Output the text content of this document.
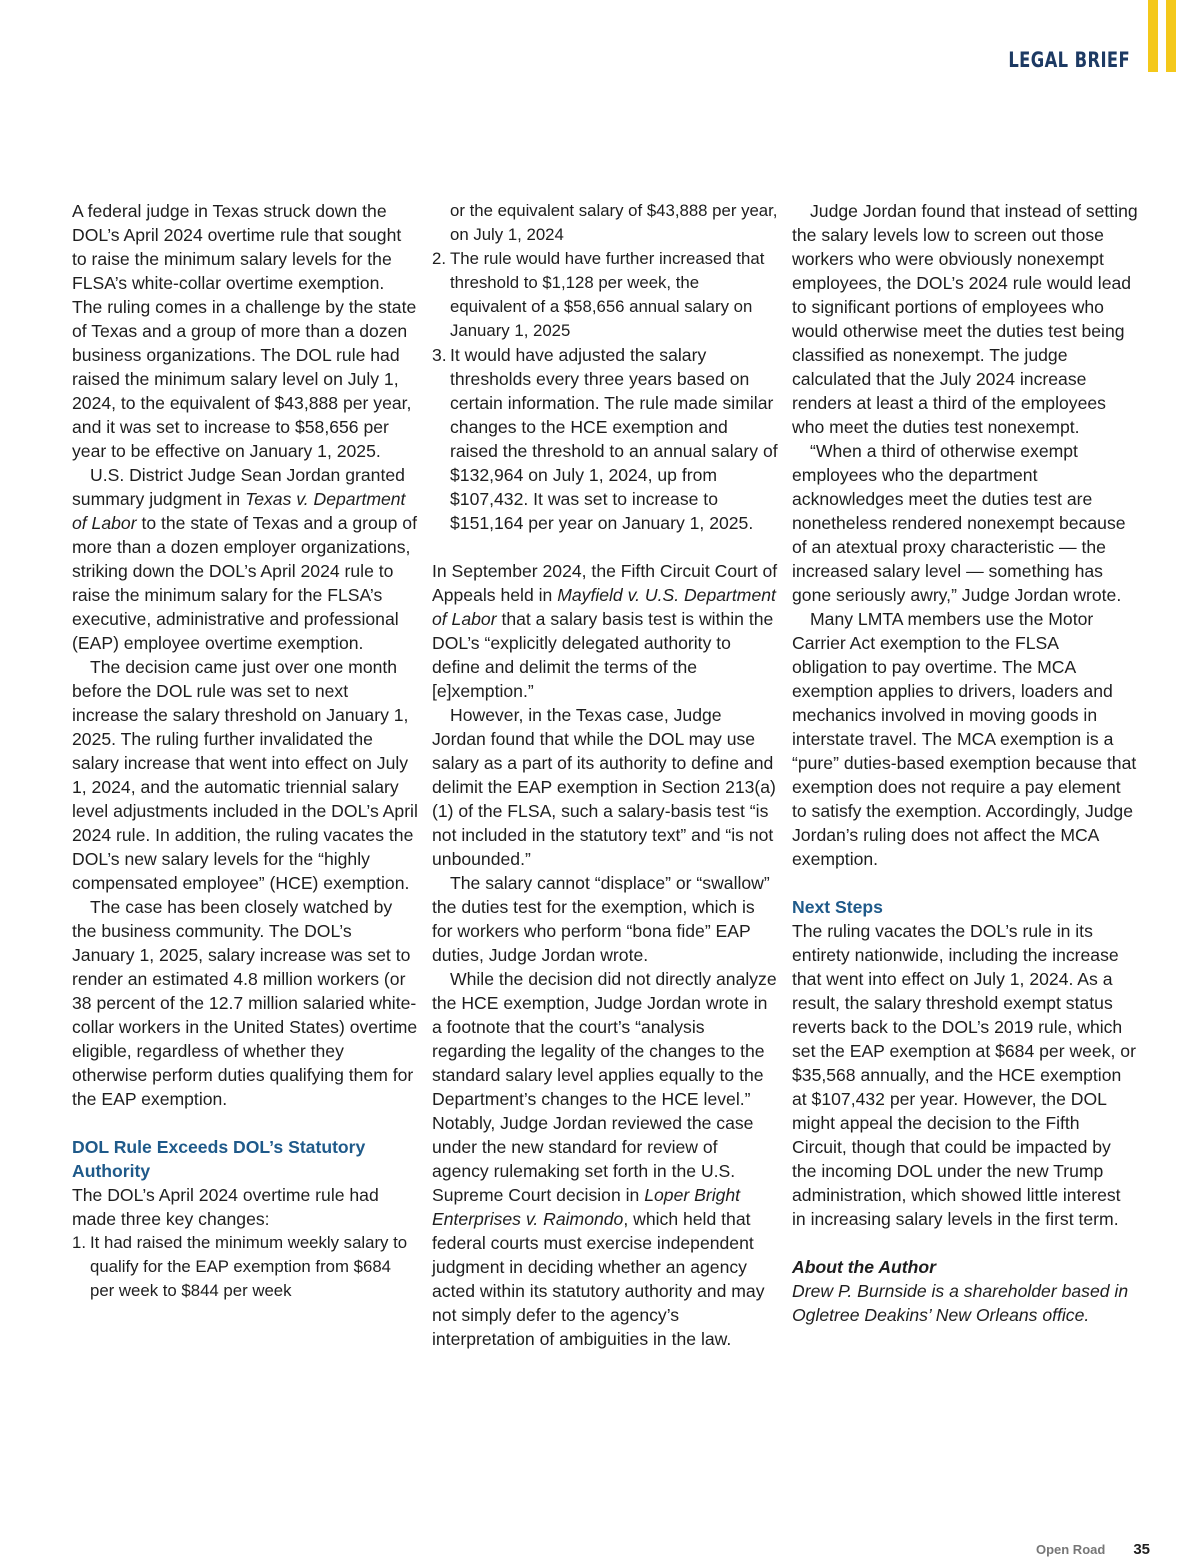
LEGAL BRIEF

A federal judge in Texas struck down the DOL’s April 2024 overtime rule that sought to raise the minimum salary levels for the FLSA’s white-collar overtime exemption. The ruling comes in a challenge by the state of Texas and a group of more than a dozen business organizations. The DOL rule had raised the minimum salary level on July 1, 2024, to the equivalent of $43,888 per year, and it was set to increase to $58,656 per year to be effective on January 1, 2025.

U.S. District Judge Sean Jordan granted summary judgment in Texas v. Department of Labor to the state of Texas and a group of more than a dozen employer organizations, striking down the DOL’s April 2024 rule to raise the minimum salary for the FLSA’s executive, administrative and professional (EAP) employee overtime exemption.

The decision came just over one month before the DOL rule was set to next increase the salary threshold on January 1, 2025. The ruling further invalidated the salary increase that went into effect on July 1, 2024, and the automatic triennial salary level adjustments included in the DOL’s April 2024 rule. In addition, the ruling vacates the DOL’s new salary levels for the “highly compensated employee” (HCE) exemption.

The case has been closely watched by the business community. The DOL’s January 1, 2025, salary increase was set to render an estimated 4.8 million workers (or 38 percent of the 12.7 million salaried white-collar workers in the United States) overtime eligible, regardless of whether they otherwise perform duties qualifying them for the EAP exemption.

DOL Rule Exceeds DOL’s Statutory Authority

The DOL’s April 2024 overtime rule had made three key changes:

1. It had raised the minimum weekly salary to qualify for the EAP exemption from $684 per week to $844 per week
or the equivalent salary of $43,888 per year, on July 1, 2024
2. The rule would have further increased that threshold to $1,128 per week, the equivalent of a $58,656 annual salary on January 1, 2025
3. It would have adjusted the salary thresholds every three years based on certain information. The rule made similar changes to the HCE exemption and raised the threshold to an annual salary of $132,964 on July 1, 2024, up from $107,432. It was set to increase to $151,164 per year on January 1, 2025.

In September 2024, the Fifth Circuit Court of Appeals held in Mayfield v. U.S. Department of Labor that a salary basis test is within the DOL’s “explicitly delegated authority to define and delimit the terms of the [e]xemption.”

However, in the Texas case, Judge Jordan found that while the DOL may use salary as a part of its authority to define and delimit the EAP exemption in Section 213(a)(1) of the FLSA, such a salary-basis test “is not included in the statutory text” and “is not unbounded.”

The salary cannot “displace” or “swallow” the duties test for the exemption, which is for workers who perform “bona fide” EAP duties, Judge Jordan wrote.

While the decision did not directly analyze the HCE exemption, Judge Jordan wrote in a footnote that the court’s “analysis regarding the legality of the changes to the standard salary level applies equally to the Department’s changes to the HCE level.”

Notably, Judge Jordan reviewed the case under the new standard for review of agency rulemaking set forth in the U.S. Supreme Court decision in Loper Bright Enterprises v. Raimondo, which held that federal courts must exercise independent judgment in deciding whether an agency acted within its statutory authority and may not simply defer to the agency’s interpretation of ambiguities in the law.

Judge Jordan found that instead of setting the salary levels low to screen out those workers who were obviously nonexempt employees, the DOL’s 2024 rule would lead to significant portions of employees who would otherwise meet the duties test being classified as nonexempt. The judge calculated that the July 2024 increase renders at least a third of the employees who meet the duties test nonexempt.

“When a third of otherwise exempt employees who the department acknowledges meet the duties test are nonetheless rendered nonexempt because of an atextual proxy characteristic — the increased salary level — something has gone seriously awry,” Judge Jordan wrote.

Many LMTA members use the Motor Carrier Act exemption to the FLSA obligation to pay overtime. The MCA exemption applies to drivers, loaders and mechanics involved in moving goods in interstate travel. The MCA exemption is a “pure” duties-based exemption because that exemption does not require a pay element to satisfy the exemption. Accordingly, Judge Jordan’s ruling does not affect the MCA exemption.

Next Steps

The ruling vacates the DOL’s rule in its entirety nationwide, including the increase that went into effect on July 1, 2024. As a result, the salary threshold exempt status reverts back to the DOL’s 2019 rule, which set the EAP exemption at $684 per week, or $35,568 annually, and the HCE exemption at $107,432 per year. However, the DOL might appeal the decision to the Fifth Circuit, though that could be impacted by the incoming DOL under the new Trump administration, which showed little interest in increasing salary levels in the first term.

About the Author

Drew P. Burnside is a shareholder based in Ogletree Deakins’ New Orleans office.

Open Road 35
